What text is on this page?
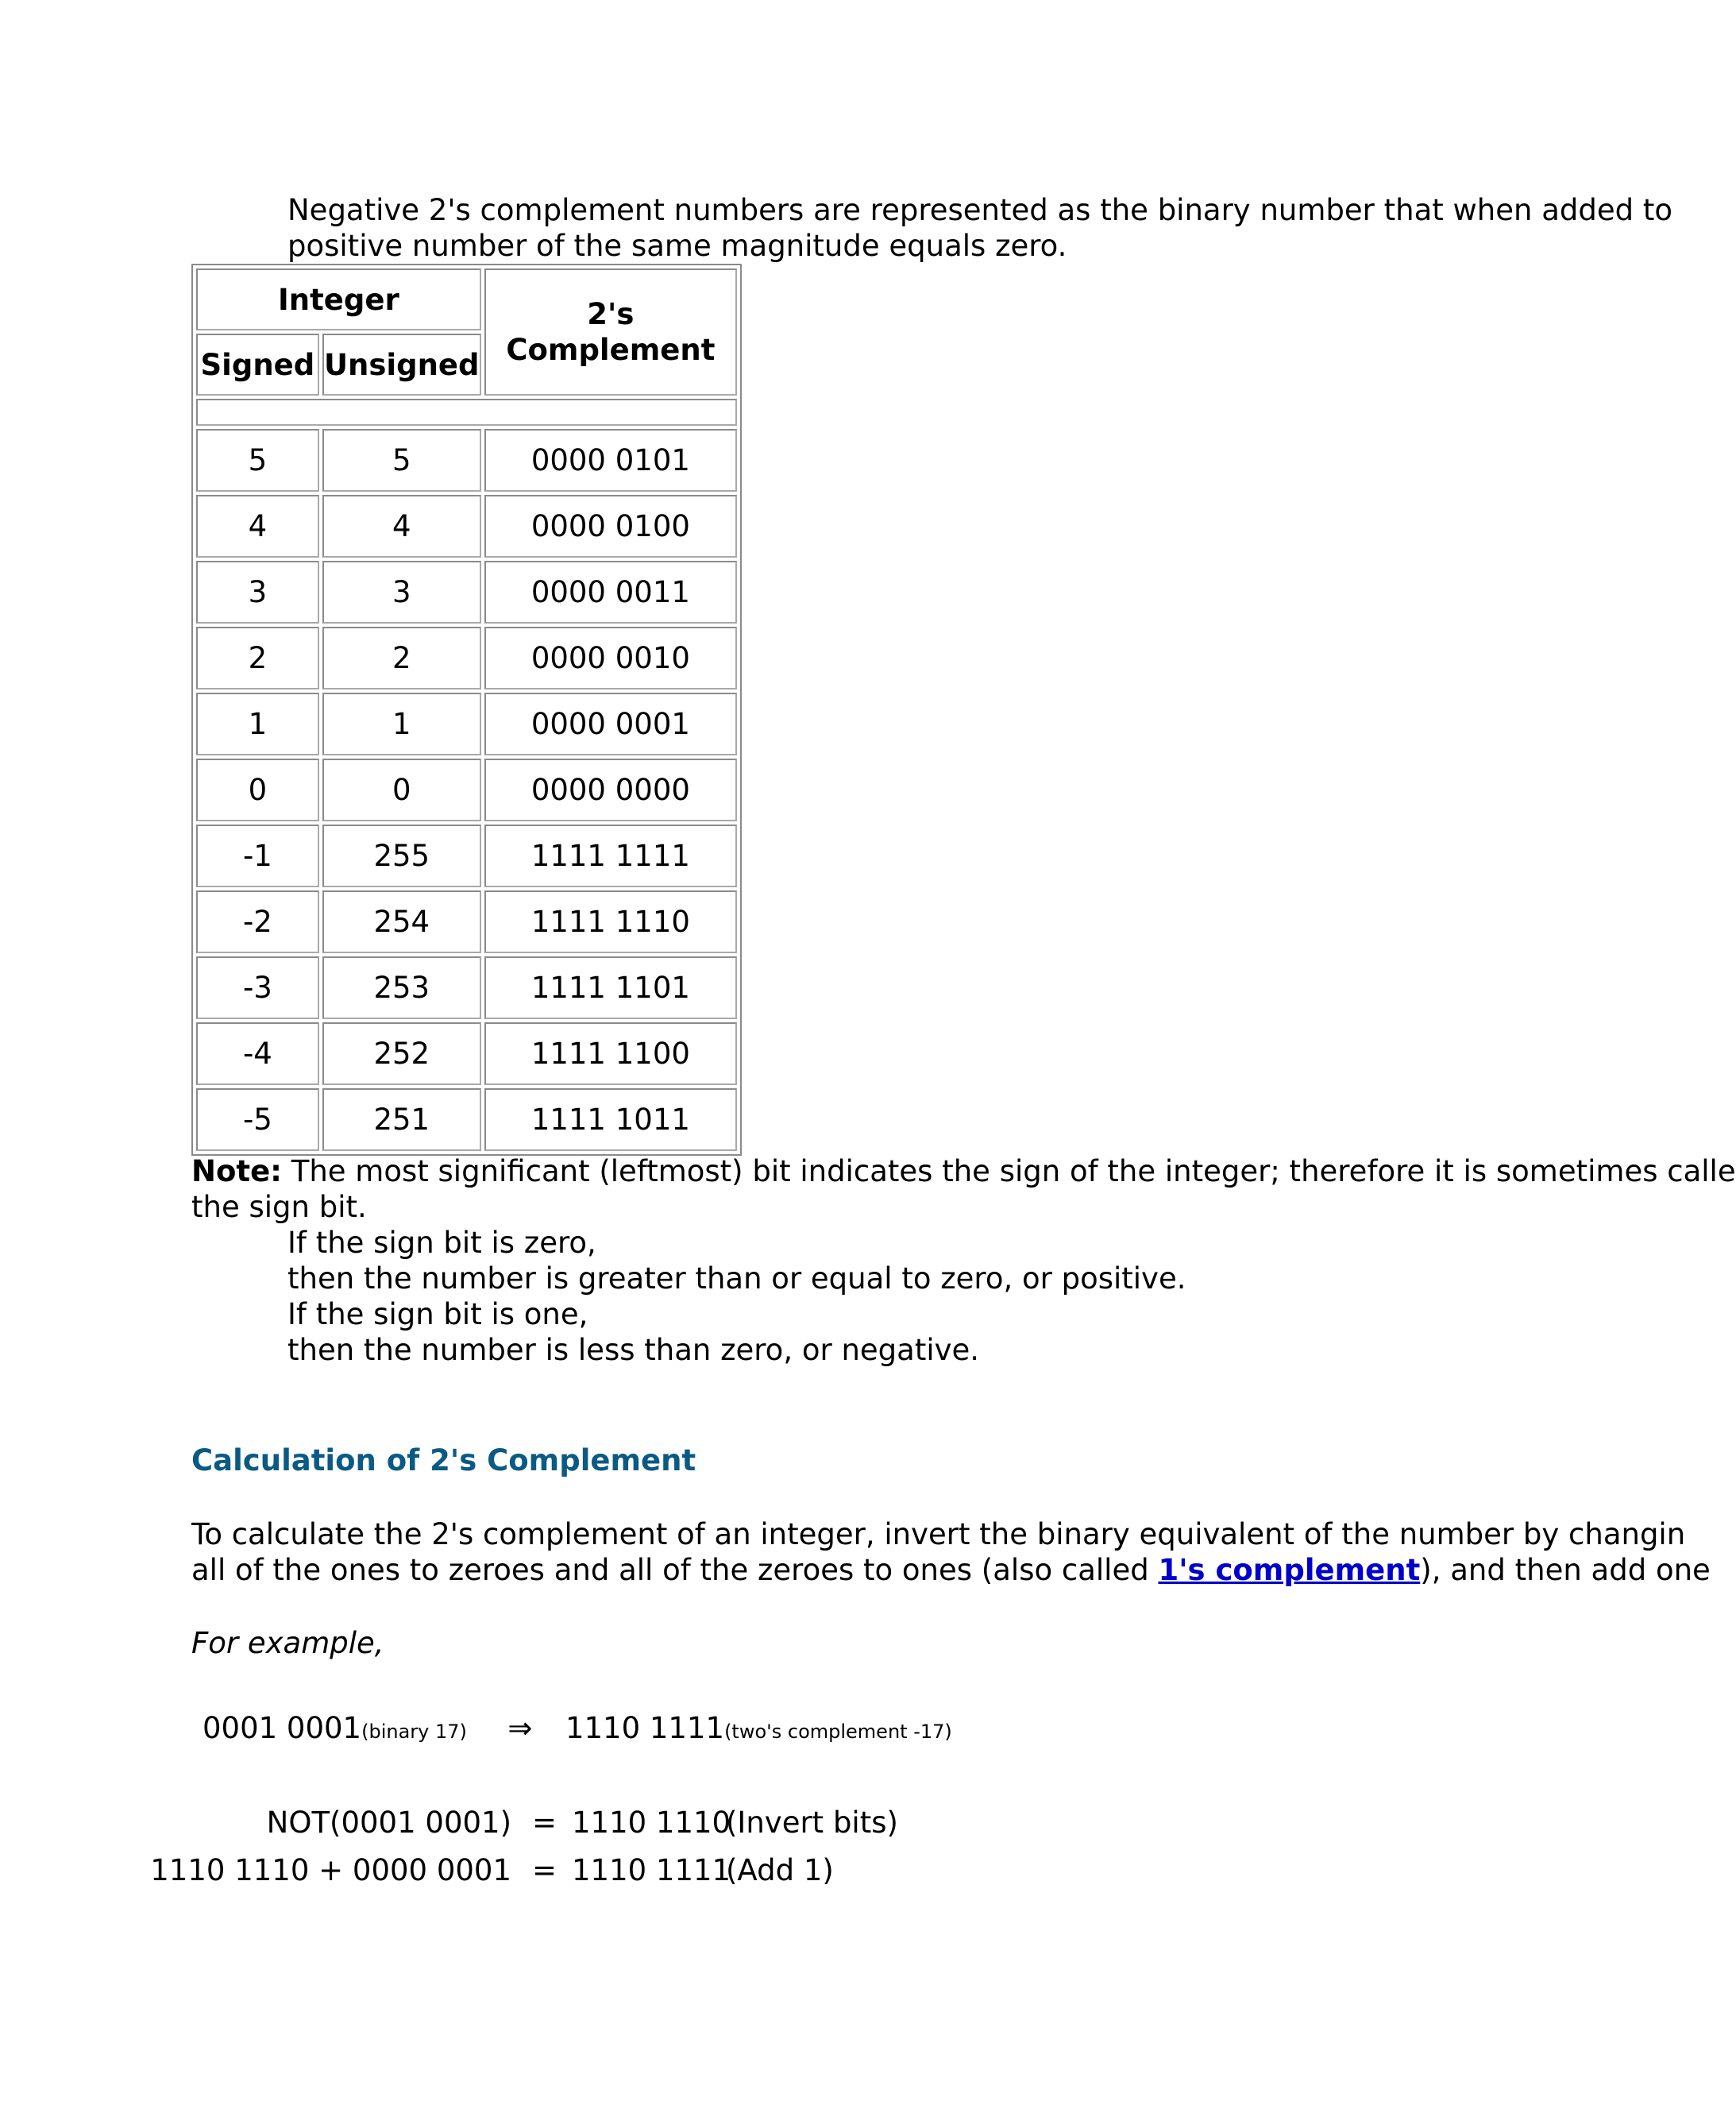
Negative 2's complement numbers are represented as the binary number that when added to
positive number of the same magnitude equals zero.
Integer		2's Complement
Signed	Unsigned	

5	5	0000 0101
4	4	0000 0100
3	3	0000 0011
2	2	0000 0010
1	1	0000 0001
0	0	0000 0000
-1	255	1111 1111
-2	254	1111 1110
-3	253	1111 1101
-4	252	1111 1100
-5	251	1111 1011
Note: The most significant (leftmost) bit indicates the sign of the integer; therefore it is sometimes calle
the sign bit.
If the sign bit is zero,
then the number is greater than or equal to zero, or positive.
If the sign bit is one,
then the number is less than zero, or negative.
Calculation of 2's Complement
To calculate the 2's complement of an integer, invert the binary equivalent of the number by changin
all of the ones to zeroes and all of the zeroes to ones (also called 1's complement), and then add one
For example,
0001 0001(binary 17) ⇒ 1110 1111(two's complement -17)
NOT(0001 0001) = 1110 1110
(Invert bits)
1110 1110 + 0000 0001 = 1110 1111
(Add 1)
